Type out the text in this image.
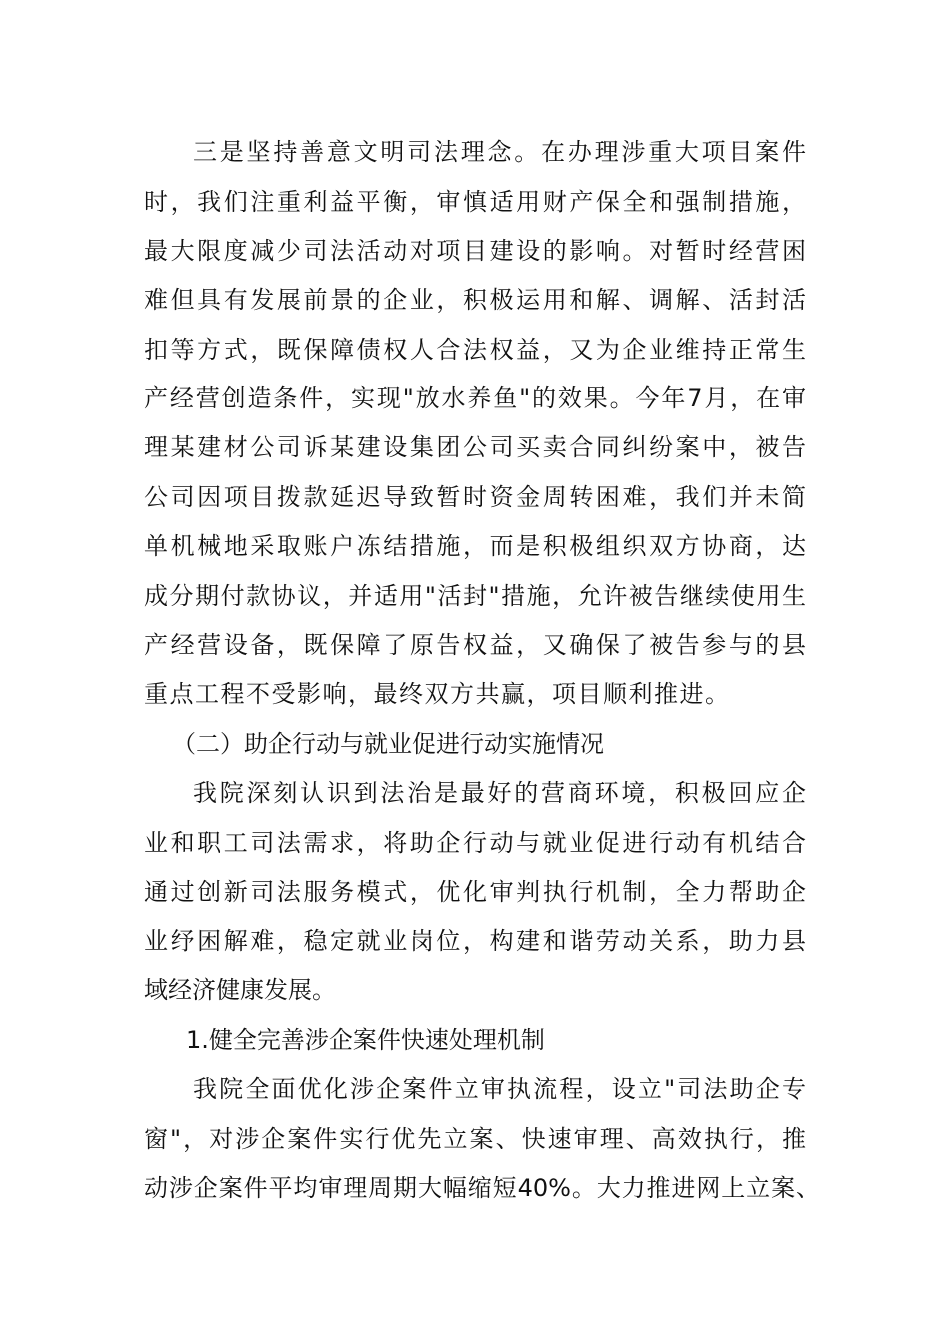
三是坚持善意文明司法理念。在办理涉重大项目案件
时，我们注重利益平衡，审慎适用财产保全和强制措施，
最大限度减少司法活动对项目建设的影响。对暂时经营困
难但具有发展前景的企业，积极运用和解、调解、活封活
扣等方式，既保障债权人合法权益，又为企业维持正常生
产经营创造条件，实现"放水养鱼"的效果。今年7月，在审
理某建材公司诉某建设集团公司买卖合同纠纷案中，被告
公司因项目拨款延迟导致暂时资金周转困难，我们并未简
单机械地采取账户冻结措施，而是积极组织双方协商，达
成分期付款协议，并适用"活封"措施，允许被告继续使用生
产经营设备，既保障了原告权益，又确保了被告参与的县
重点工程不受影响，最终双方共赢，项目顺利推进。
（二）助企行动与就业促进行动实施情况
我院深刻认识到法治是最好的营商环境，积极回应企
业和职工司法需求，将助企行动与就业促进行动有机结合
通过创新司法服务模式，优化审判执行机制，全力帮助企
业纾困解难，稳定就业岗位，构建和谐劳动关系，助力县
域经济健康发展。
1.健全完善涉企案件快速处理机制
我院全面优化涉企案件立审执流程，设立"司法助企专
窗"，对涉企案件实行优先立案、快速审理、高效执行，推
动涉企案件平均审理周期大幅缩短40%。大力推进网上立案、
